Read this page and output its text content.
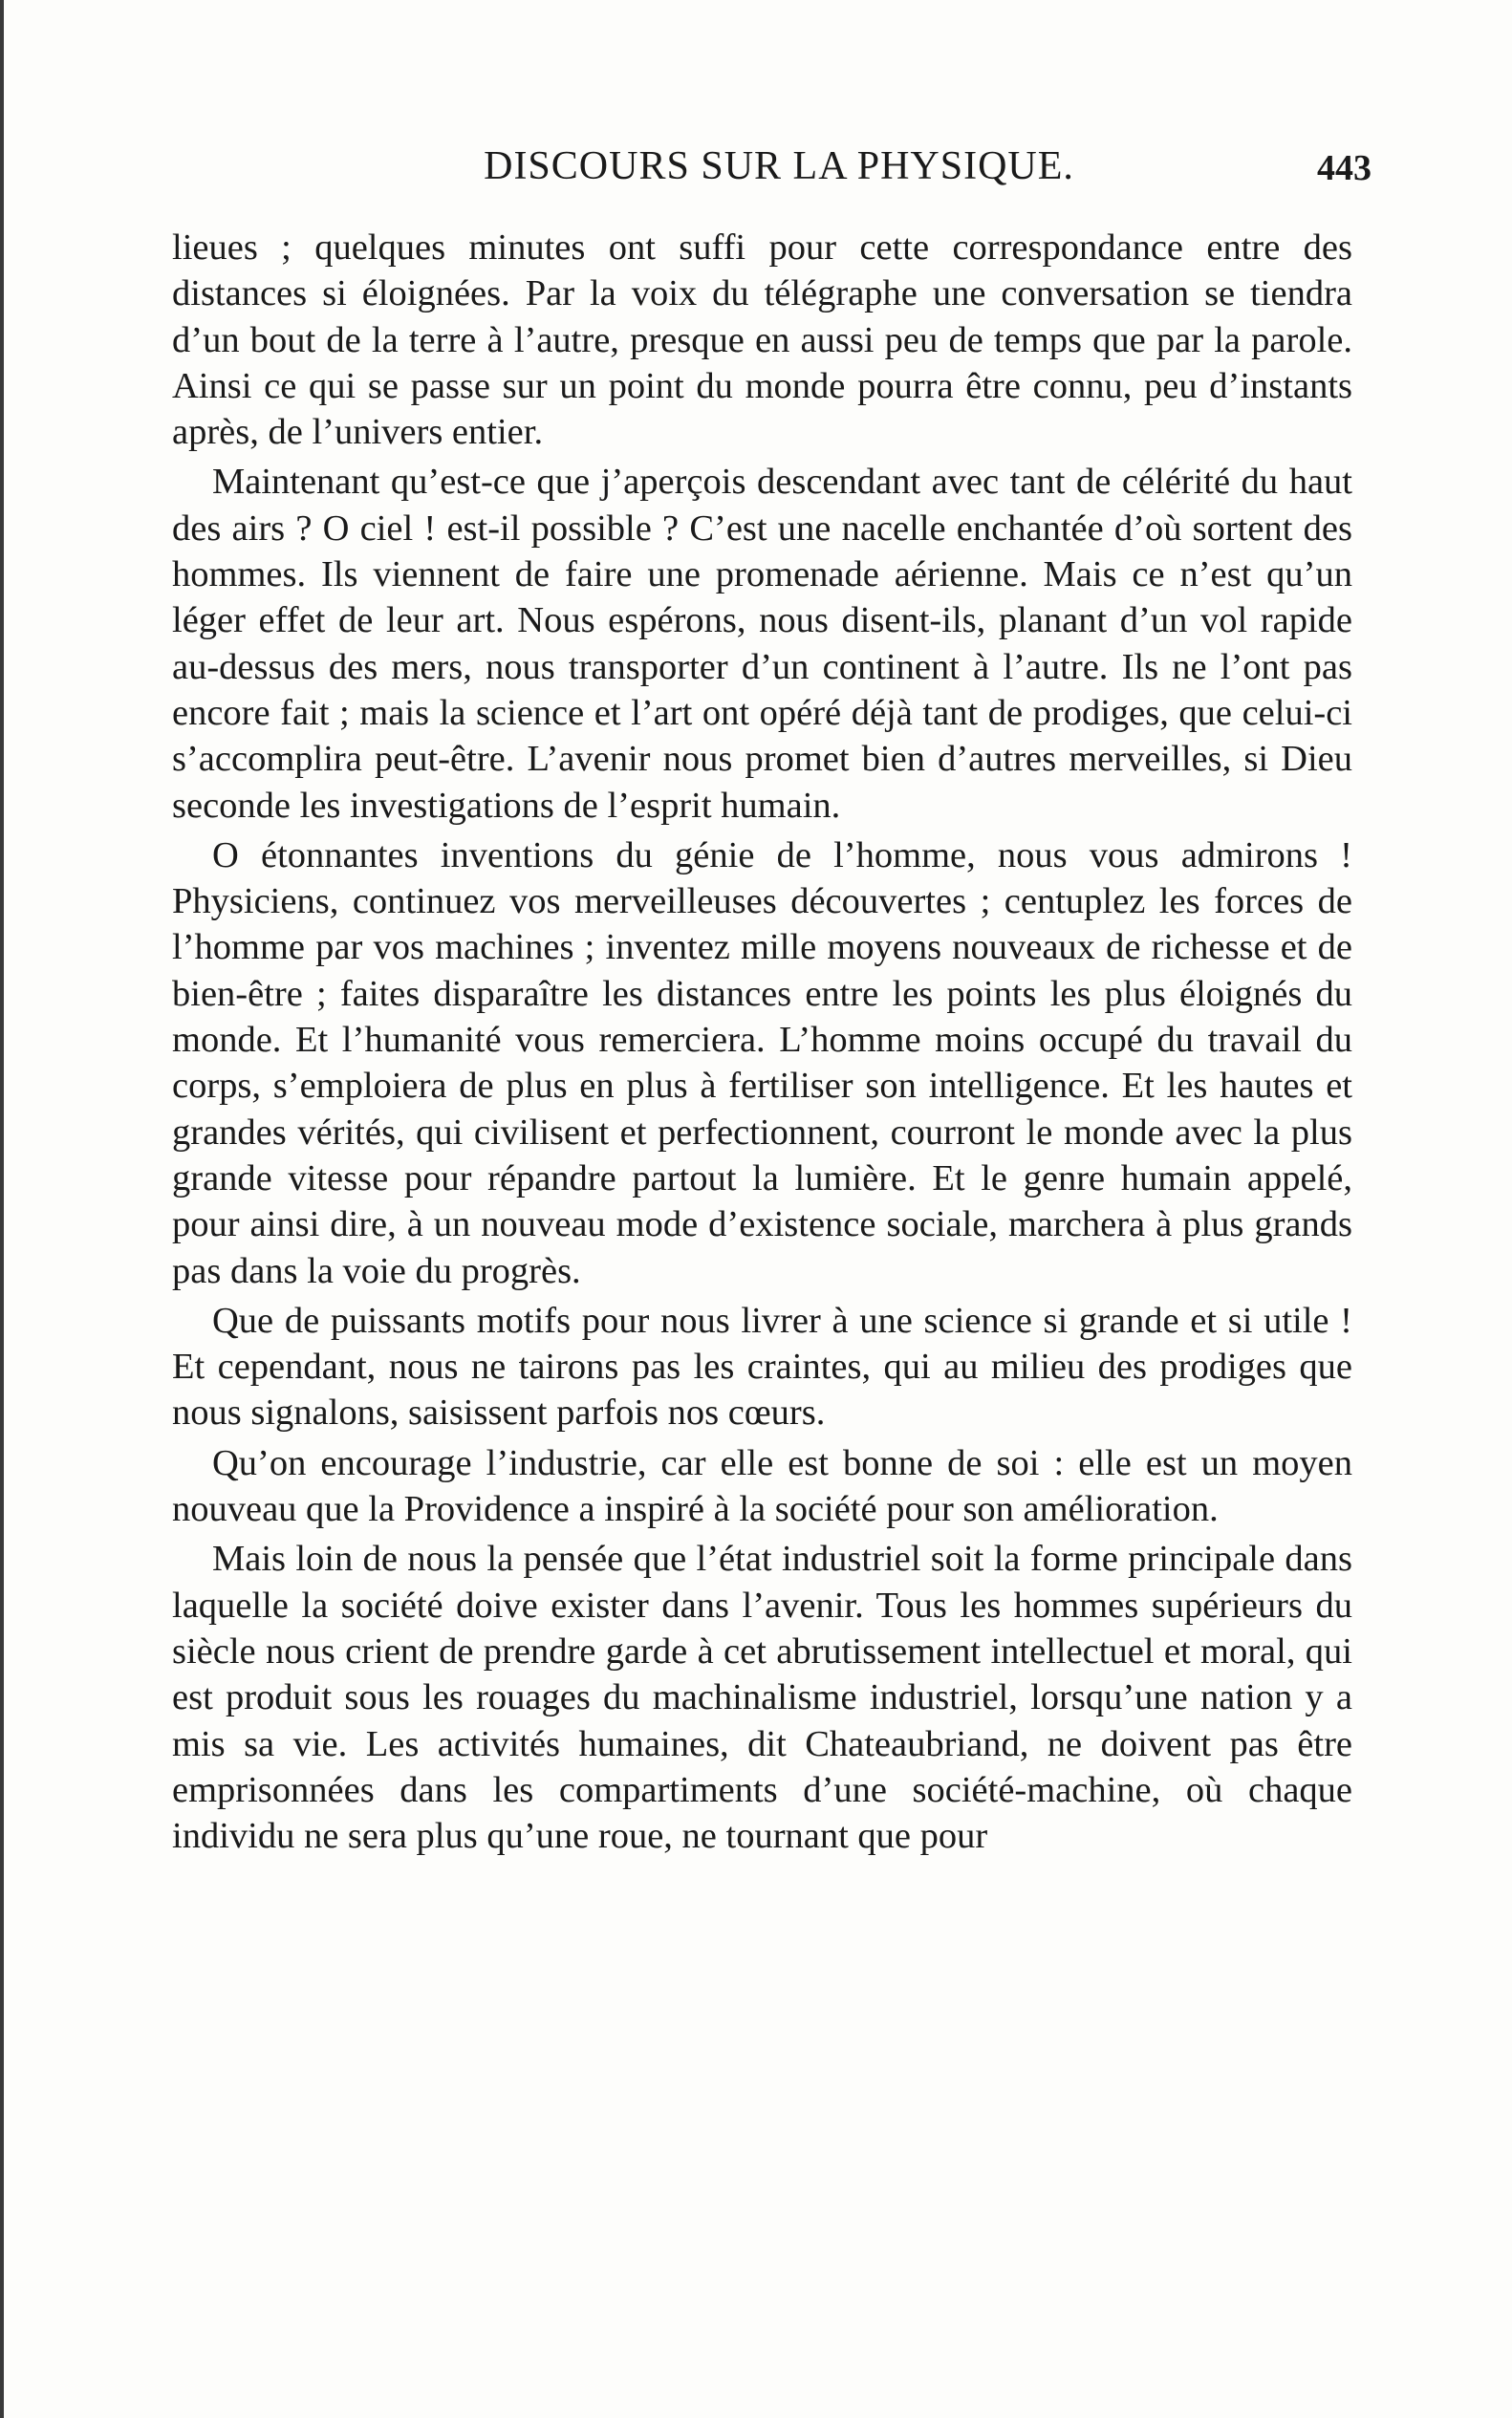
DISCOURS SUR LA PHYSIQUE.	443

lieues ; quelques minutes ont suffi pour cette correspondance entre des distances si éloignées. Par la voix du télégraphe une conversation se tiendra d’un bout de la terre à l’autre, presque en aussi peu de temps que par la parole. Ainsi ce qui se passe sur un point du monde pourra être connu, peu d’instants après, de l’univers entier.

Maintenant qu’est-ce que j’aperçois descendant avec tant de célérité du haut des airs ? O ciel ! est-il possible ? C’est une nacelle enchantée d’où sortent des hommes. Ils viennent de faire une promenade aérienne. Mais ce n’est qu’un léger effet de leur art. Nous espérons, nous disent-ils, planant d’un vol rapide au-dessus des mers, nous transporter d’un continent à l’autre. Ils ne l’ont pas encore fait ; mais la science et l’art ont opéré déjà tant de prodiges, que celui-ci s’accomplira peut-être. L’avenir nous promet bien d’autres merveilles, si Dieu seconde les investigations de l’esprit humain.

O étonnantes inventions du génie de l’homme, nous vous admirons ! Physiciens, continuez vos merveilleuses découvertes ; centuplez les forces de l’homme par vos machines ; inventez mille moyens nouveaux de richesse et de bien-être ; faites disparaître les distances entre les points les plus éloignés du monde. Et l’humanité vous remerciera. L’homme moins occupé du travail du corps, s’emploiera de plus en plus à fertiliser son intelligence. Et les hautes et grandes vérités, qui civilisent et perfectionnent, courront le monde avec la plus grande vitesse pour répandre partout la lumière. Et le genre humain appelé, pour ainsi dire, à un nouveau mode d’existence sociale, marchera à plus grands pas dans la voie du progrès.

Que de puissants motifs pour nous livrer à une science si grande et si utile ! Et cependant, nous ne tairons pas les craintes, qui au milieu des prodiges que nous signalons, saisissent parfois nos cœurs.

Qu’on encourage l’industrie, car elle est bonne de soi : elle est un moyen nouveau que la Providence a inspiré à la société pour son amélioration.

Mais loin de nous la pensée que l’état industriel soit la forme principale dans laquelle la société doive exister dans l’avenir. Tous les hommes supérieurs du siècle nous crient de prendre garde à cet abrutissement intellectuel et moral, qui est produit sous les rouages du machinalisme industriel, lorsqu’une nation y a mis sa vie. Les activités humaines, dit Chateaubriand, ne doivent pas être emprisonnées dans les compartiments d’une société-machine, où chaque individu ne sera plus qu’une roue, ne tournant que pour
